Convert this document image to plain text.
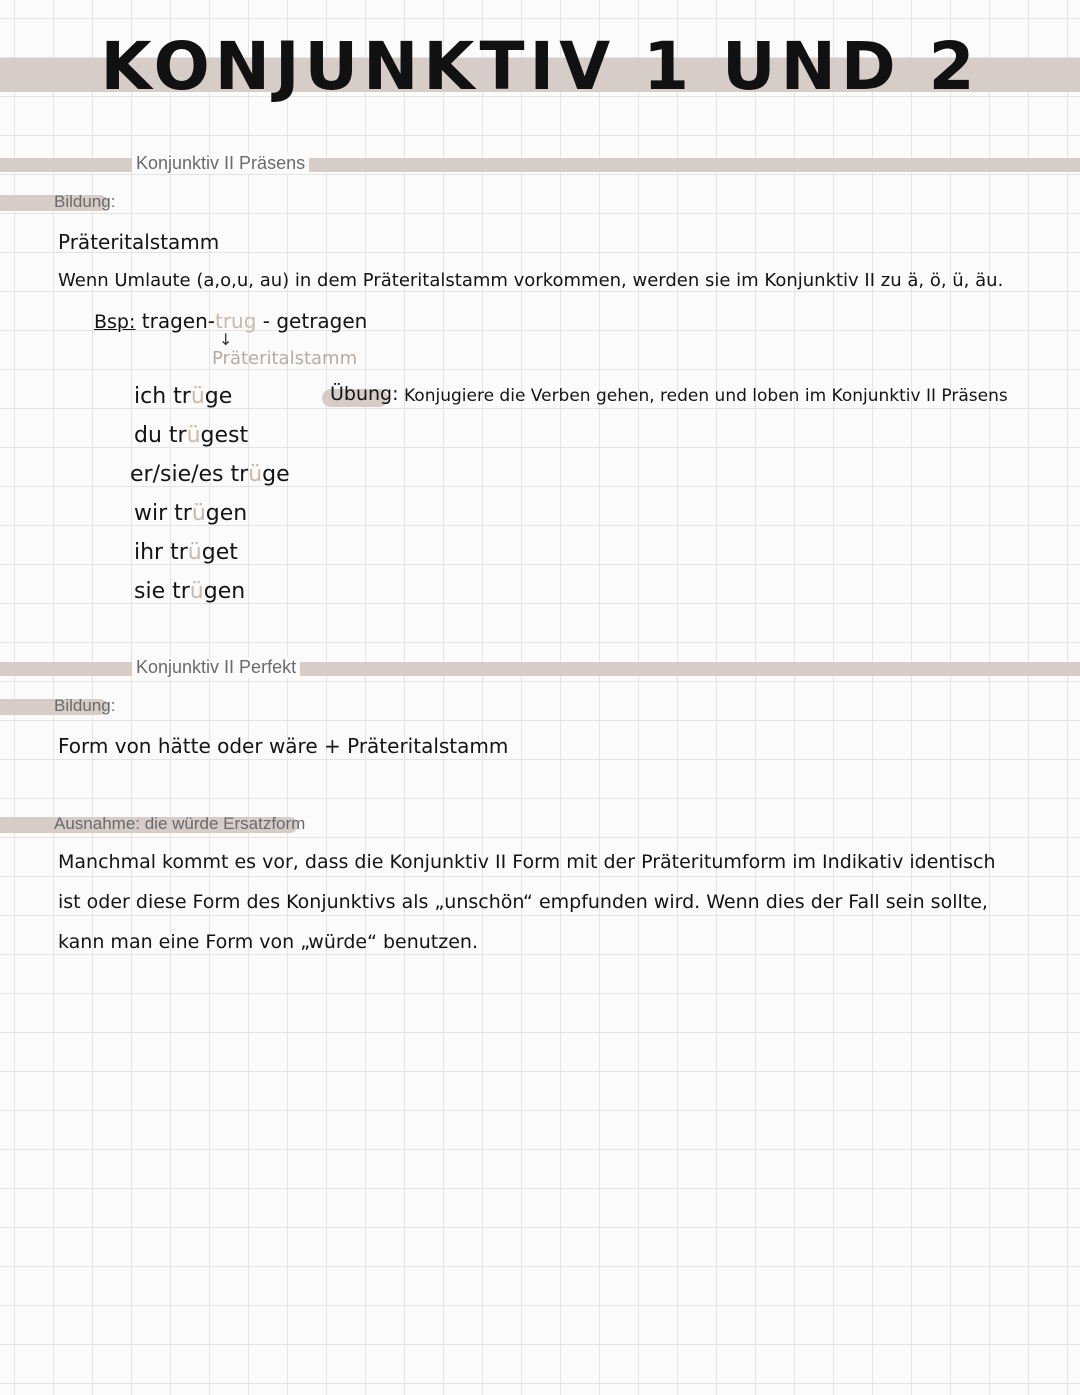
KONJUNKTIV 1 UND 2
Konjunktiv II Präsens
Bildung:
Präteritalstamm
Wenn Umlaute (a,o,u, au) in dem Präteritalstamm vorkommen, werden sie im Konjunktiv II zu ä, ö, ü, äu.
Bsp: tragen-trug - getragen
↓
Präteritalstamm
ich trüge
du trügest
er/sie/es trüge
wir trügen
ihr trüget
sie trügen
Übung: Konjugiere die Verben gehen, reden und loben im Konjunktiv II Präsens
Konjunktiv II Perfekt
Bildung:
Form von hätte oder wäre + Präteritalstamm
Ausnahme: die würde Ersatzform
Manchmal kommt es vor, dass die Konjunktiv II Form mit der Präteritumform im Indikativ identisch ist oder diese Form des Konjunktivs als „unschön“ empfunden wird. Wenn dies der Fall sein sollte, kann man eine Form von „würde“ benutzen.
